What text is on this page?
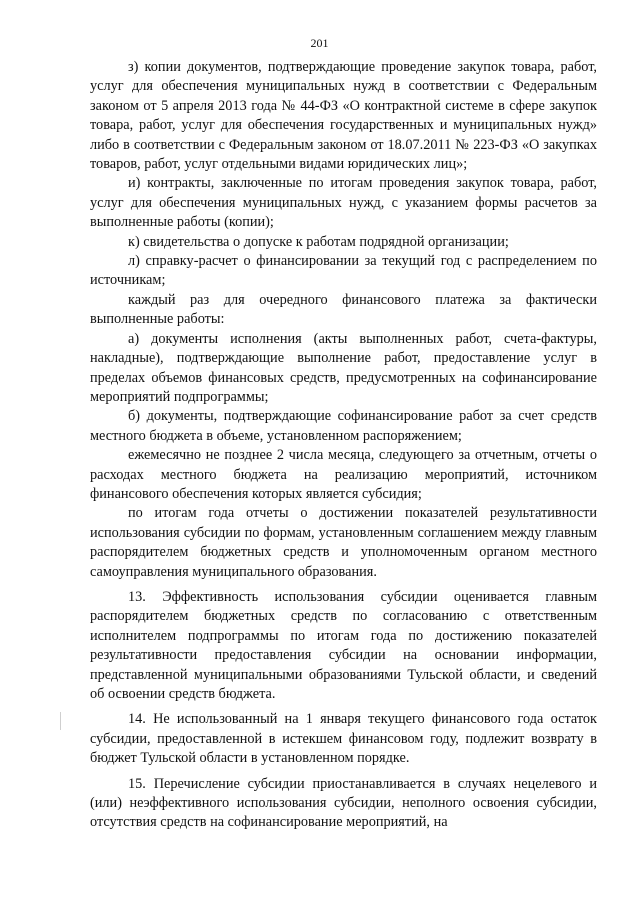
201

з) копии документов, подтверждающие проведение закупок товара, работ, услуг для обеспечения муниципальных нужд в соответствии с Федеральным законом от 5 апреля 2013 года № 44-ФЗ «О контрактной системе в сфере закупок товара, работ, услуг для обеспечения государственных и муниципальных нужд» либо в соответствии с Федеральным законом от 18.07.2011 № 223-ФЗ «О закупках товаров, работ, услуг отдельными видами юридических лиц»;

и) контракты, заключенные по итогам проведения закупок товара, работ, услуг для обеспечения муниципальных нужд, с указанием формы расчетов за выполненные работы (копии);

к) свидетельства о допуске к работам подрядной организации;

л) справку-расчет о финансировании за текущий год с распределением по источникам;

каждый раз для очередного финансового платежа за фактически выполненные работы:

а) документы исполнения (акты выполненных работ, счета-фактуры, накладные), подтверждающие выполнение работ, предоставление услуг в пределах объемов финансовых средств, предусмотренных на софинансирование мероприятий подпрограммы;

б) документы, подтверждающие софинансирование работ за счет средств местного бюджета в объеме, установленном распоряжением;

ежемесячно не позднее 2 числа месяца, следующего за отчетным, отчеты о расходах местного бюджета на реализацию мероприятий, источником финансового обеспечения которых является субсидия;

по итогам года отчеты о достижении показателей результативности использования субсидии по формам, установленным соглашением между главным распорядителем бюджетных средств и уполномоченным органом местного самоуправления муниципального образования.

13. Эффективность использования субсидии оценивается главным распорядителем бюджетных средств по согласованию с ответственным исполнителем подпрограммы по итогам года по достижению показателей результативности предоставления субсидии на основании информации, представленной муниципальными образованиями Тульской области, и сведений об освоении средств бюджета.

14. Не использованный на 1 января текущего финансового года остаток субсидии, предоставленной в истекшем финансовом году, подлежит возврату в бюджет Тульской области в установленном порядке.

15. Перечисление субсидии приостанавливается в случаях нецелевого и (или) неэффективного использования субсидии, неполного освоения субсидии, отсутствия средств на софинансирование мероприятий, на
